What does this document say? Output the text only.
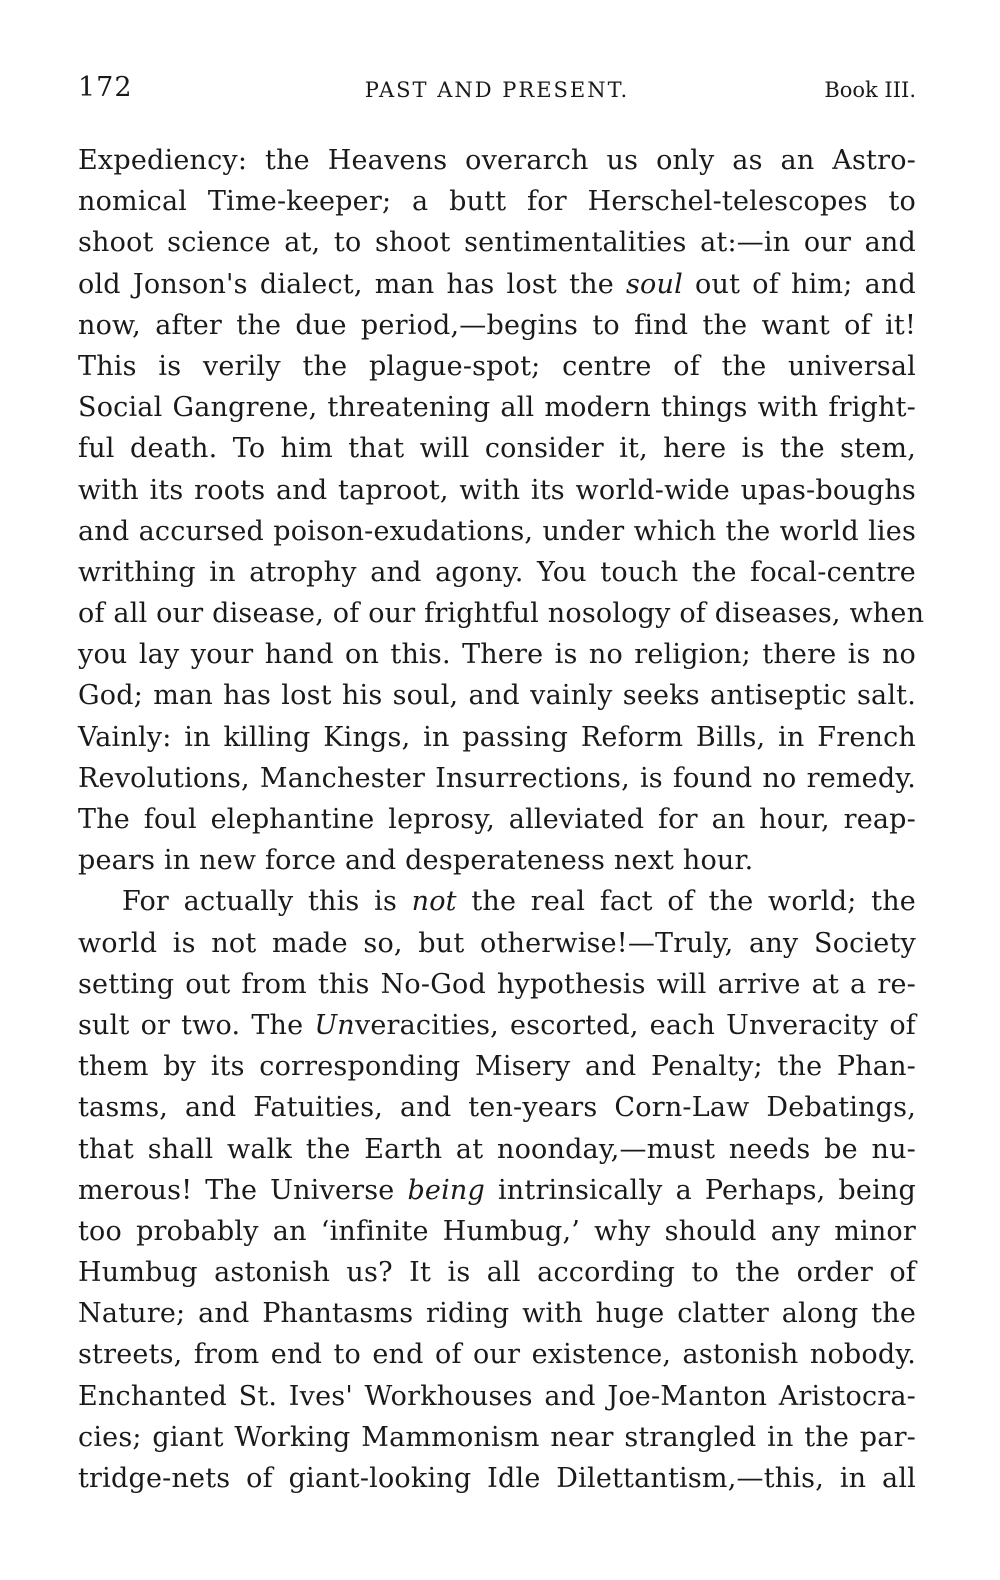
172	PAST AND PRESENT.	Book III.
Expediency: the Heavens overarch us only as an Astro-
nomical Time-keeper; a butt for Herschel-telescopes to
shoot science at, to shoot sentimentalities at:—in our and
old Jonson's dialect, man has lost the soul out of him; and
now, after the due period,—begins to find the want of it!
This is verily the plague-spot; centre of the universal
Social Gangrene, threatening all modern things with fright-
ful death. To him that will consider it, here is the stem,
with its roots and taproot, with its world-wide upas-boughs
and accursed poison-exudations, under which the world lies
writhing in atrophy and agony. You touch the focal-centre
of all our disease, of our frightful nosology of diseases, when
you lay your hand on this. There is no religion; there is no
God; man has lost his soul, and vainly seeks antiseptic salt.
Vainly: in killing Kings, in passing Reform Bills, in French
Revolutions, Manchester Insurrections, is found no remedy.
The foul elephantine leprosy, alleviated for an hour, reap-
pears in new force and desperateness next hour.
For actually this is not the real fact of the world; the
world is not made so, but otherwise!—Truly, any Society
setting out from this No-God hypothesis will arrive at a re-
sult or two. The Unveracities, escorted, each Unveracity of
them by its corresponding Misery and Penalty; the Phan-
tasms, and Fatuities, and ten-years Corn-Law Debatings,
that shall walk the Earth at noonday,—must needs be nu-
merous! The Universe being intrinsically a Perhaps, being
too probably an ‘infinite Humbug,’ why should any minor
Humbug astonish us? It is all according to the order of
Nature; and Phantasms riding with huge clatter along the
streets, from end to end of our existence, astonish nobody.
Enchanted St. Ives' Workhouses and Joe-Manton Aristocra-
cies; giant Working Mammonism near strangled in the par-
tridge-nets of giant-looking Idle Dilettantism,—this, in all
